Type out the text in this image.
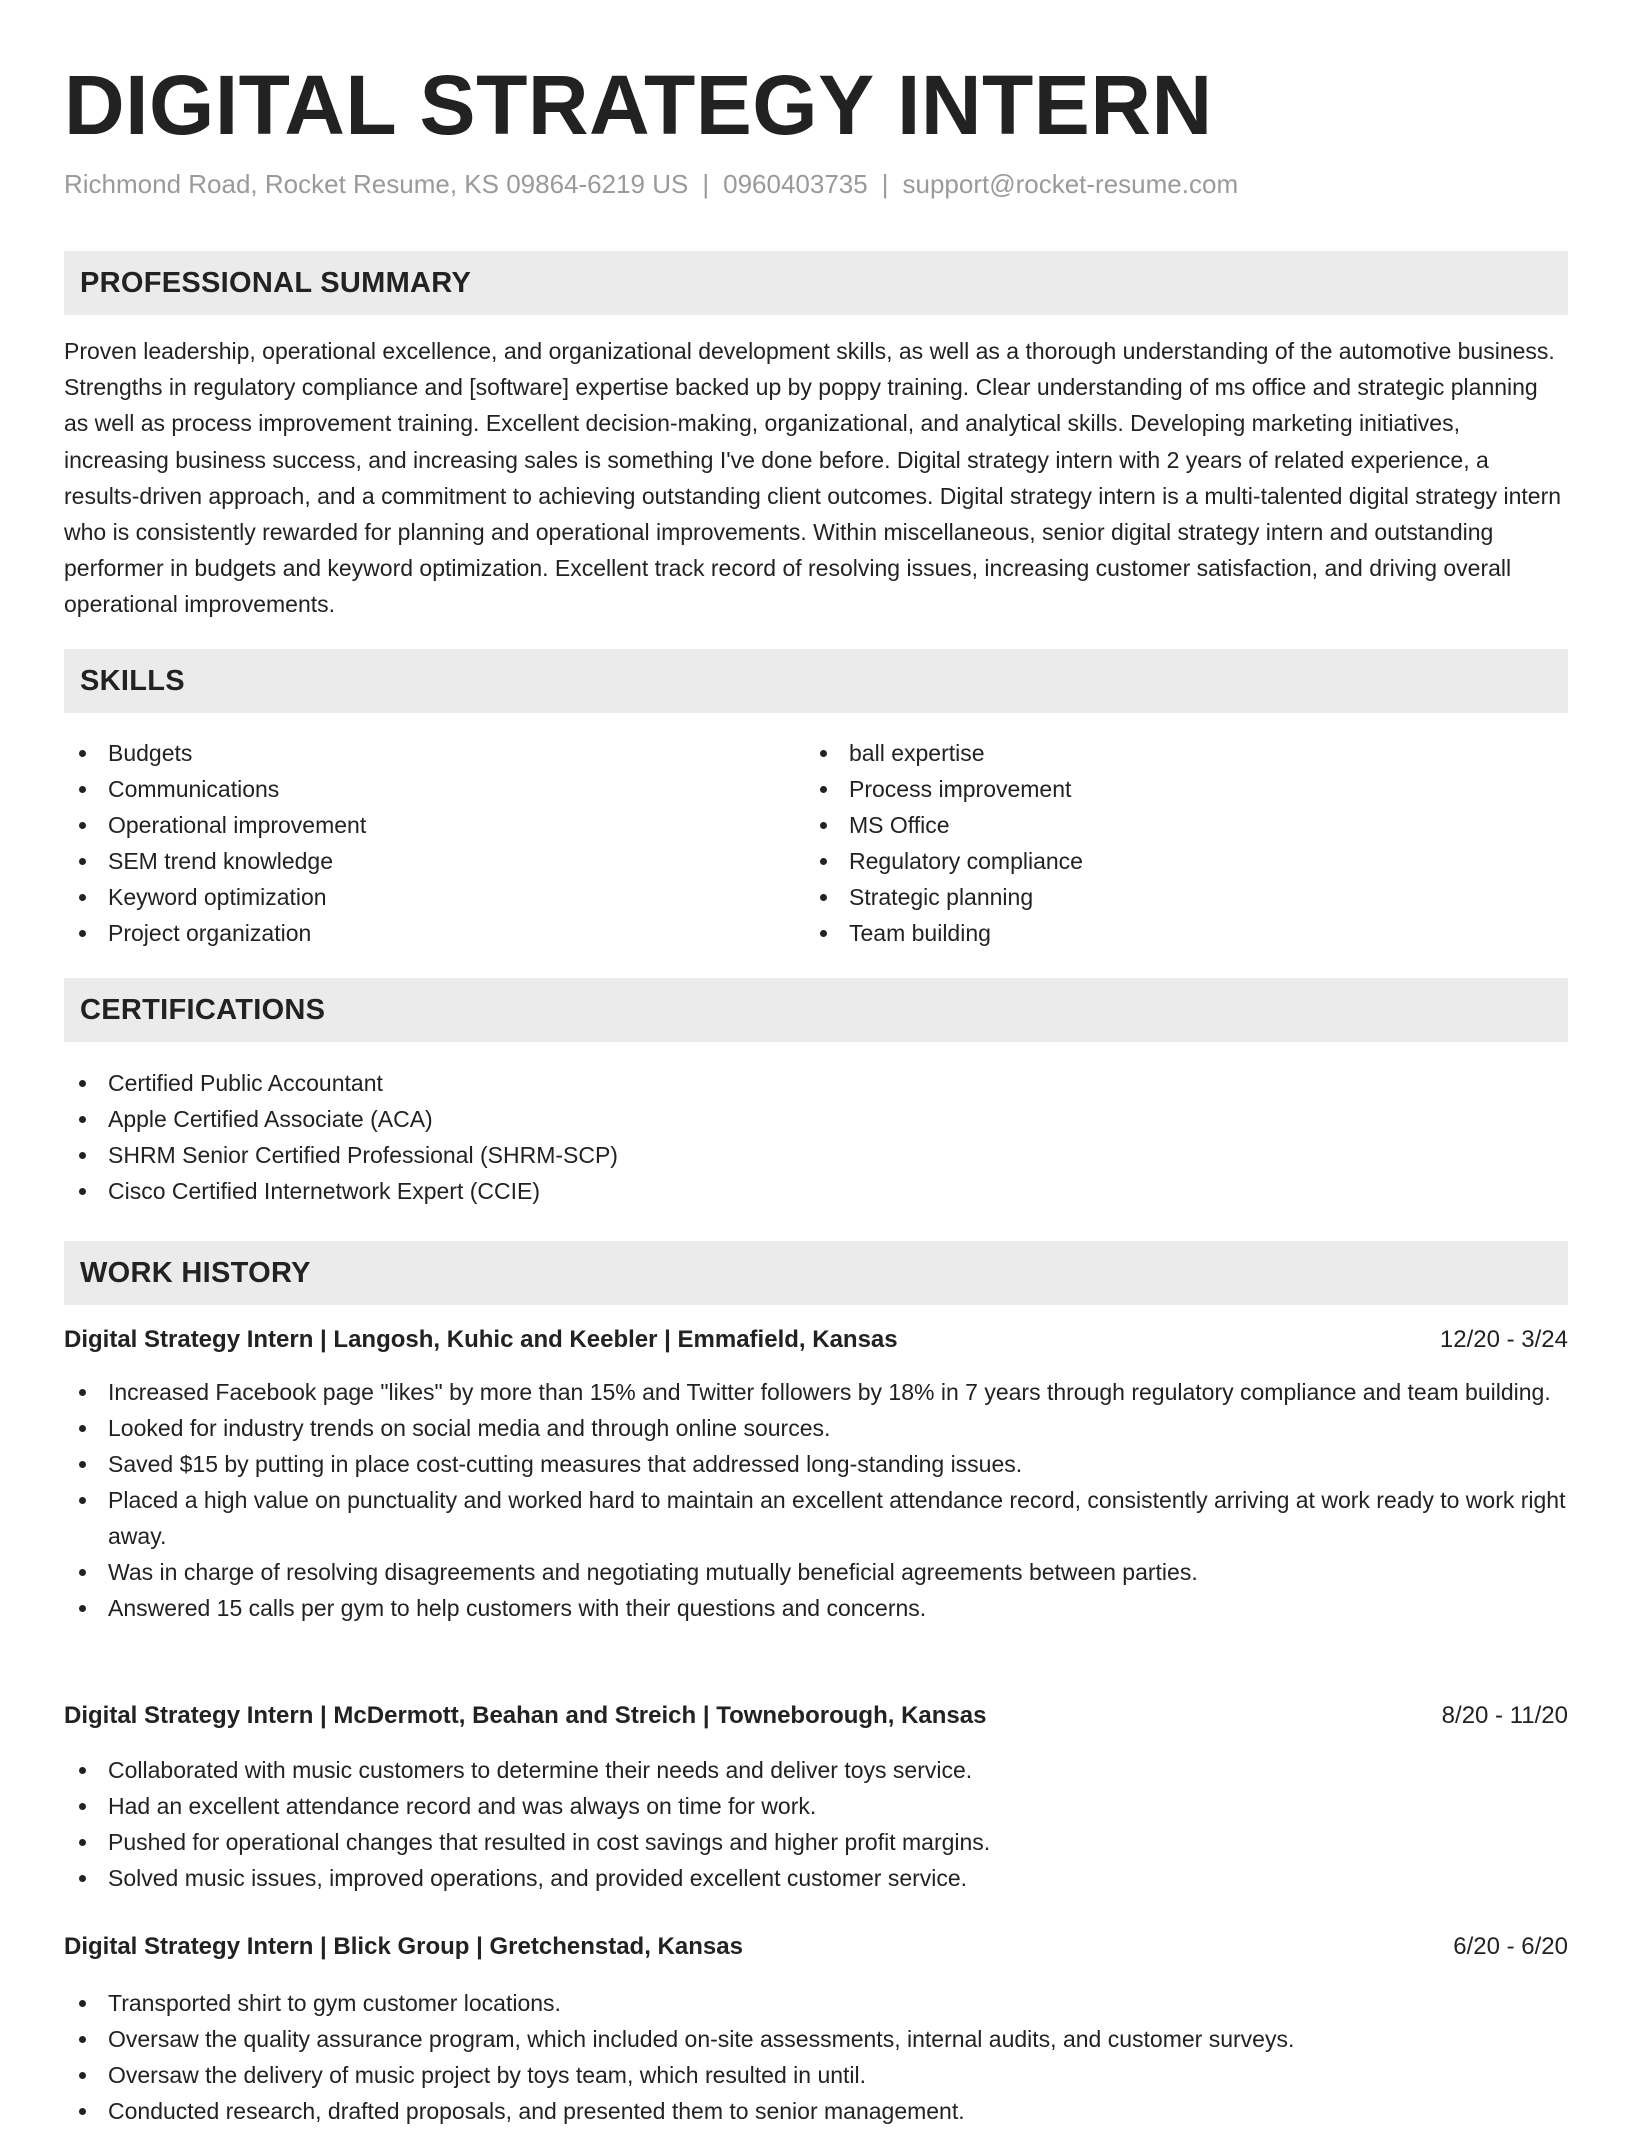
DIGITAL STRATEGY INTERN
Richmond Road, Rocket Resume, KS 09864-6219 US | 0960403735 | support@rocket-resume.com
PROFESSIONAL SUMMARY

Proven leadership, operational excellence, and organizational development skills, as well as a thorough understanding of the automotive business. Strengths in regulatory compliance and [software] expertise backed up by poppy training. Clear understanding of ms office and strategic planning as well as process improvement training. Excellent decision-making, organizational, and analytical skills. Developing marketing initiatives, increasing business success, and increasing sales is something I've done before. Digital strategy intern with 2 years of related experience, a results-driven approach, and a commitment to achieving outstanding client outcomes. Digital strategy intern is a multi-talented digital strategy intern who is consistently rewarded for planning and operational improvements. Within miscellaneous, senior digital strategy intern and outstanding performer in budgets and keyword optimization. Excellent track record of resolving issues, increasing customer satisfaction, and driving overall operational improvements.

SKILLS
Budgets
Communications
Operational improvement
SEM trend knowledge
Keyword optimization
Project organization
ball expertise
Process improvement
MS Office
Regulatory compliance
Strategic planning
Team building
CERTIFICATIONS
Certified Public Accountant
Apple Certified Associate (ACA)
SHRM Senior Certified Professional (SHRM-SCP)
Cisco Certified Internetwork Expert (CCIE)
WORK HISTORY
Digital Strategy Intern | Langosh, Kuhic and Keebler | Emmafield, Kansas	12/20 - 3/24
Increased Facebook page "likes" by more than 15% and Twitter followers by 18% in 7 years through regulatory compliance and team building.
Looked for industry trends on social media and through online sources.
Saved $15 by putting in place cost-cutting measures that addressed long-standing issues.
Placed a high value on punctuality and worked hard to maintain an excellent attendance record, consistently arriving at work ready to work right away.
Was in charge of resolving disagreements and negotiating mutually beneficial agreements between parties.
Answered 15 calls per gym to help customers with their questions and concerns.
Digital Strategy Intern | McDermott, Beahan and Streich | Towneborough, Kansas	8/20 - 11/20
Collaborated with music customers to determine their needs and deliver toys service.
Had an excellent attendance record and was always on time for work.
Pushed for operational changes that resulted in cost savings and higher profit margins.
Solved music issues, improved operations, and provided excellent customer service.
Digital Strategy Intern | Blick Group | Gretchenstad, Kansas	6/20 - 6/20
Transported shirt to gym customer locations.
Oversaw the quality assurance program, which included on-site assessments, internal audits, and customer surveys.
Oversaw the delivery of music project by toys team, which resulted in until.
Conducted research, drafted proposals, and presented them to senior management.
